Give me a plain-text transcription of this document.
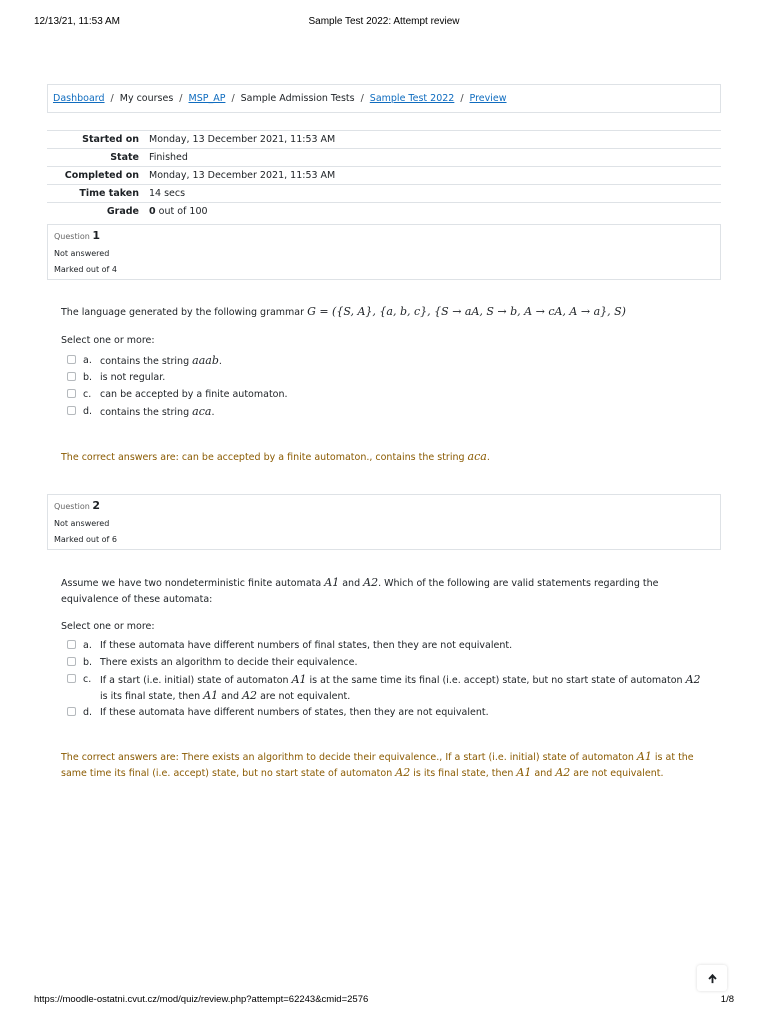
12/13/21, 11:53 AM	Sample Test 2022: Attempt review
Dashboard / My courses / MSP_AP / Sample Admission Tests / Sample Test 2022 / Preview
Started on	Monday, 13 December 2021, 11:53 AM
State	Finished
Completed on	Monday, 13 December 2021, 11:53 AM
Time taken	14 secs
Grade	0 out of 100
Question 1
Not answered
Marked out of 4
The language generated by the following grammar G = ({S, A}, {a, b, c}, {S → aA, S → b, A → cA, A → a}, S)
Select one or more:
a. contains the string aaab.
b. is not regular.
c. can be accepted by a finite automaton.
d. contains the string aca.
The correct answers are: can be accepted by a finite automaton., contains the string aca.
Question 2
Not answered
Marked out of 6
Assume we have two nondeterministic finite automata A1 and A2. Which of the following are valid statements regarding the equivalence of these automata:
Select one or more:
a. If these automata have different numbers of final states, then they are not equivalent.
b. There exists an algorithm to decide their equivalence.
c. If a start (i.e. initial) state of automaton A1 is at the same time its final (i.e. accept) state, but no start state of automaton A2 is its final state, then A1 and A2 are not equivalent.
d. If these automata have different numbers of states, then they are not equivalent.
The correct answers are: There exists an algorithm to decide their equivalence., If a start (i.e. initial) state of automaton A1 is at the same time its final (i.e. accept) state, but no start state of automaton A2 is its final state, then A1 and A2 are not equivalent.
https://moodle-ostatni.cvut.cz/mod/quiz/review.php?attempt=62243&cmid=2576	1/8
